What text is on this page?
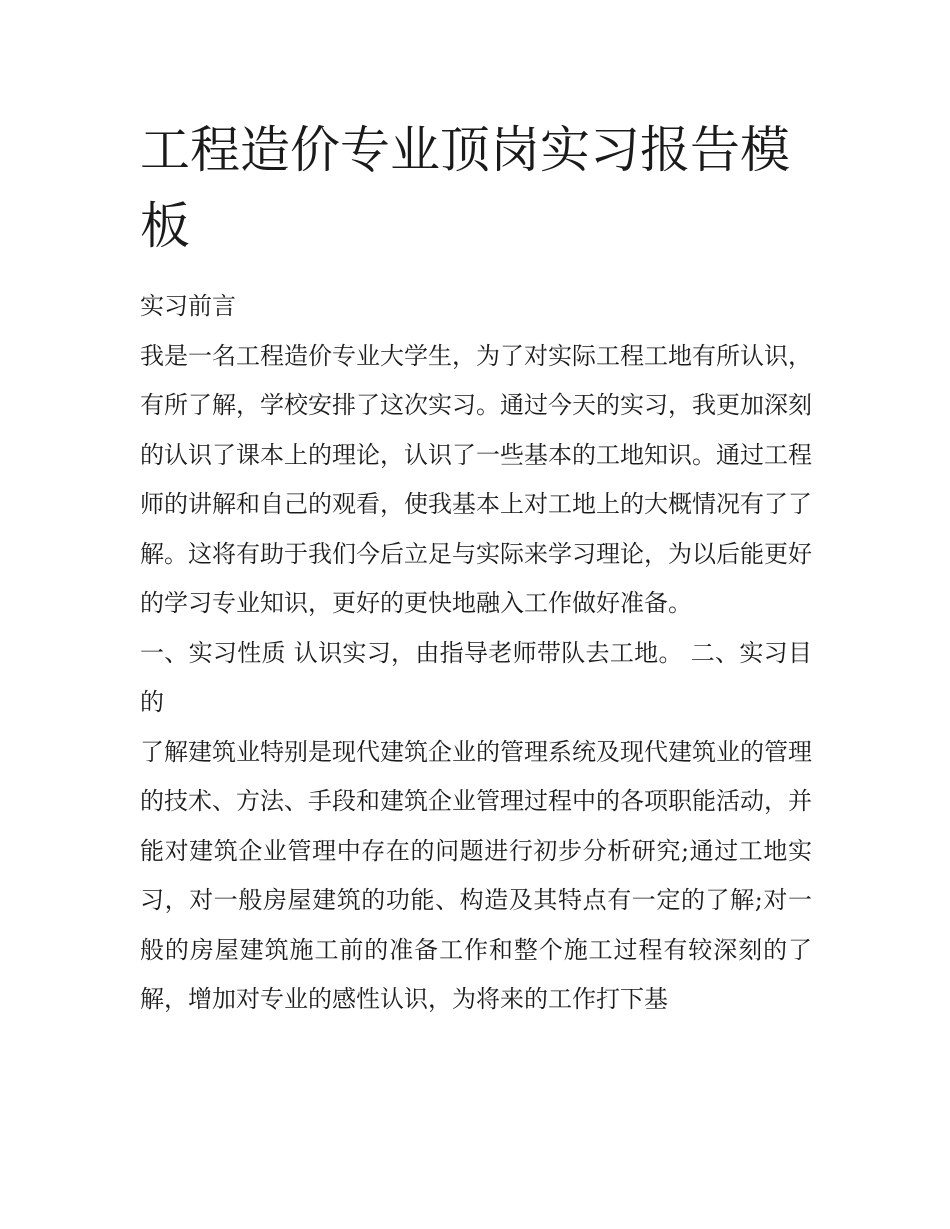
工程造价专业顶岗实习报告模板

实习前言

我是一名工程造价专业大学生，为了对实际工程工地有所认识，有所了解，学校安排了这次实习。通过今天的实习，我更加深刻的认识了课本上的理论，认识了一些基本的工地知识。通过工程师的讲解和自己的观看，使我基本上对工地上的大概情况有了了解。这将有助于我们今后立足与实际来学习理论，为以后能更好的学习专业知识，更好的更快地融入工作做好准备。

一、实习性质 认识实习，由指导老师带队去工地。 二、实习目的

了解建筑业特别是现代建筑企业的管理系统及现代建筑业的管理的技术、方法、手段和建筑企业管理过程中的各项职能活动，并能对建筑企业管理中存在的问题进行初步分析研究;通过工地实习，对一般房屋建筑的功能、构造及其特点有一定的了解;对一般的房屋建筑施工前的准备工作和整个施工过程有较深刻的了解，增加对专业的感性认识，为将来的工作打下基
